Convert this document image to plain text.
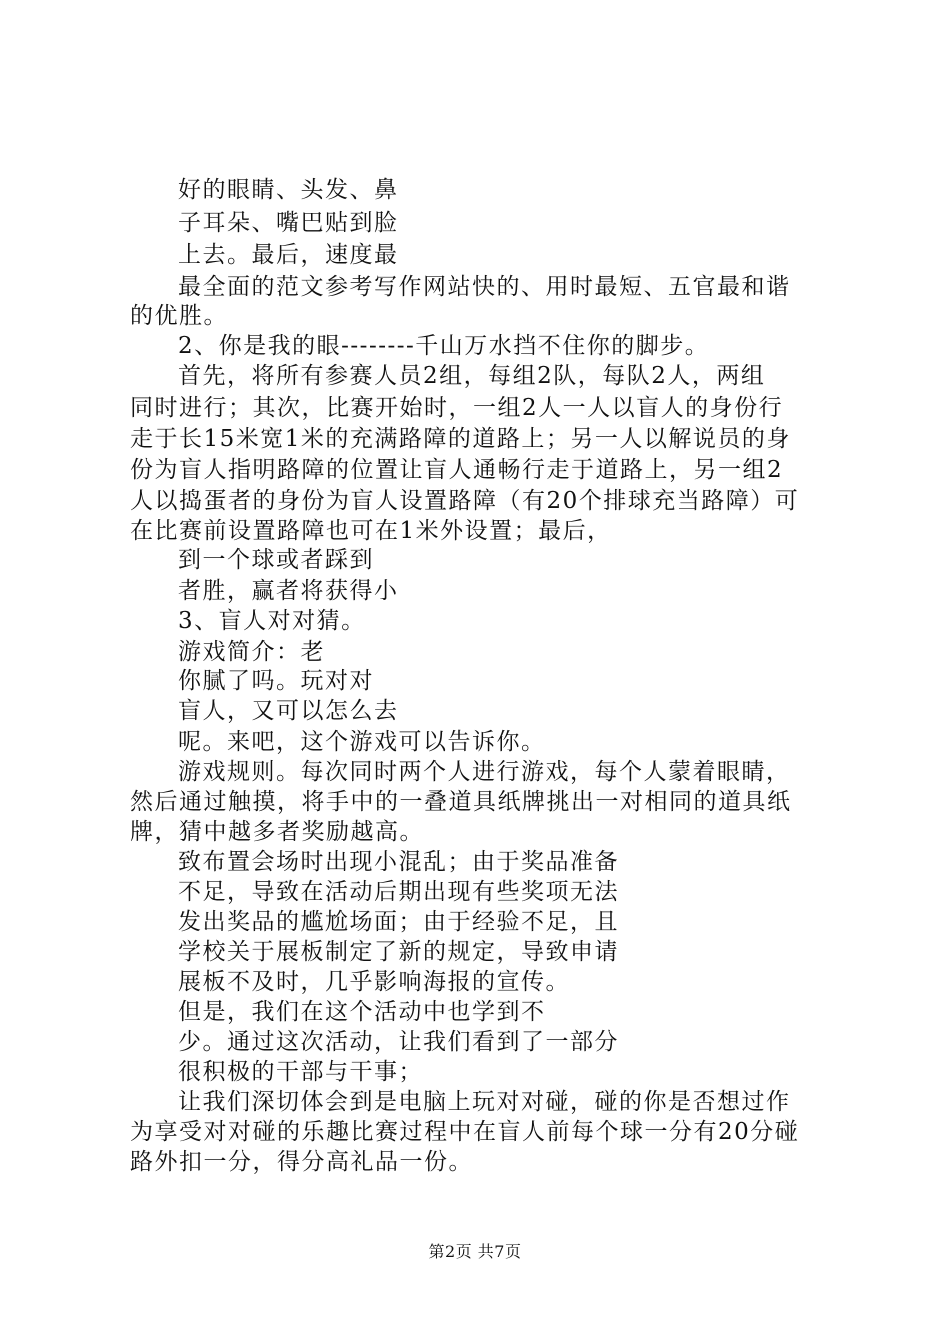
好的眼睛、头发、鼻
子耳朵、嘴巴贴到脸
上去。最后，速度最
最全面的范文参考写作网站快的、用时最短、五官最和谐
的优胜。
2、你是我的眼--------千山万水挡不住你的脚步。
首先，将所有参赛人员2组，每组2队，每队2人，两组
同时进行；其次，比赛开始时，一组2人一人以盲人的身份行
走于长15米宽1米的充满路障的道路上；另一人以解说员的身
份为盲人指明路障的位置让盲人通畅行走于道路上，另一组2
人以捣蛋者的身份为盲人设置路障（有20个排球充当路障）可
在比赛前设置路障也可在1米外设置；最后，
到一个球或者踩到
者胜，赢者将获得小
3、盲人对对猜。
游戏简介：老
你腻了吗。玩对对
盲人，又可以怎么去
呢。来吧，这个游戏可以告诉你。
游戏规则。每次同时两个人进行游戏，每个人蒙着眼睛，
然后通过触摸，将手中的一叠道具纸牌挑出一对相同的道具纸
牌，猜中越多者奖励越高。
致布置会场时出现小混乱；由于奖品准备
不足，导致在活动后期出现有些奖项无法
发出奖品的尴尬场面；由于经验不足，且
学校关于展板制定了新的规定，导致申请
展板不及时，几乎影响海报的宣传。
但是，我们在这个活动中也学到不
少。通过这次活动，让我们看到了一部分
很积极的干部与干事；
让我们深切体会到是电脑上玩对对碰，碰的你是否想过作
为享受对对碰的乐趣比赛过程中在盲人前每个球一分有20分碰
路外扣一分，得分高礼品一份。
第2页 共7页
